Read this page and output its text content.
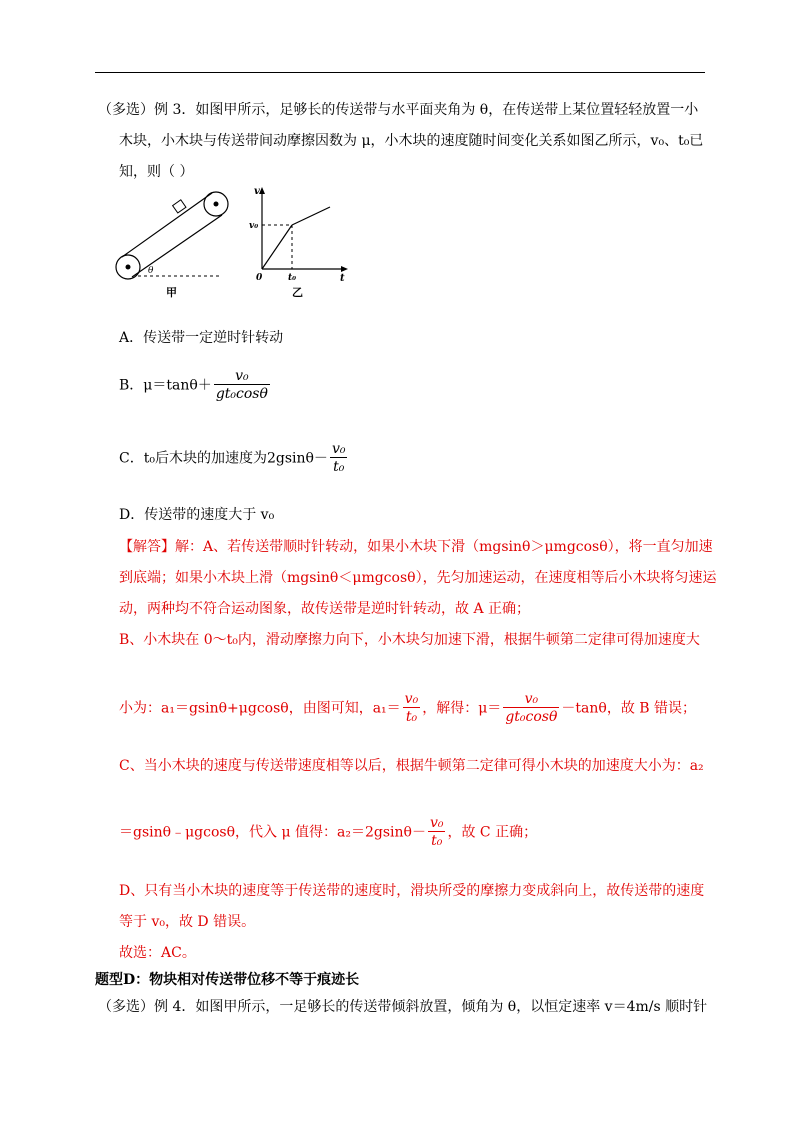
（多选）例 3．如图甲所示，足够长的传送带与水平面夹角为 θ，在传送带上某位置轻轻放置一小
木块，小木块与传送带间动摩擦因数为 μ，小木块的速度随时间变化关系如图乙所示，v₀、t₀已
知，则（ ）
θ
甲
v
v₀
0	t₀	t
乙
A．传送带一定逆时针转动
B．$\mu=\tan\theta+ \frac{\text{v₀}}{\text{gt₀cosθ}}$
C．t₀后木块的加速度为$2gsin\theta- \frac{\text{v₀}}{\text{t₀}}$
D．传送带的速度大于 v₀
【解答】解：A、若传送带顺时针转动，如果小木块下滑（mgsinθ＞μmgcosθ），将一直匀加速
到底端；如果小木块上滑（mgsinθ＜μmgcosθ），先匀加速运动，在速度相等后小木块将匀速运
动，两种均不符合运动图象，故传送带是逆时针转动，故 A 正确；
B、小木块在 0～t₀内，滑动摩擦力向下，小木块匀加速下滑，根据牛顿第二定律可得加速度大
小为：a₁＝gsinθ+μgcosθ，由图可知，$a_1= \frac{\text{v₀}}{\text{t₀}}$ ，解得：$\mu= \frac{\text{v₀}}{\text{gt₀cosθ}} -\tan\theta$，故 B 错误；
C、当小木块的速度与传送带速度相等以后，根据牛顿第二定律可得小木块的加速度大小为：a₂
＝gsinθ﹣μgcosθ，代入 μ 值得：$a_2=2gsin\theta- \frac{\text{v₀}}{\text{t₀}}$ ，故 C 正确；
D、只有当小木块的速度等于传送带的速度时，滑块所受的摩擦力变成斜向上，故传送带的速度
等于 v₀，故 D 错误。
故选：AC。
题型D：物块相对传送带位移不等于痕迹长
（多选）例 4．如图甲所示，一足够长的传送带倾斜放置，倾角为 θ，以恒定速率 v＝4m/s 顺时针
